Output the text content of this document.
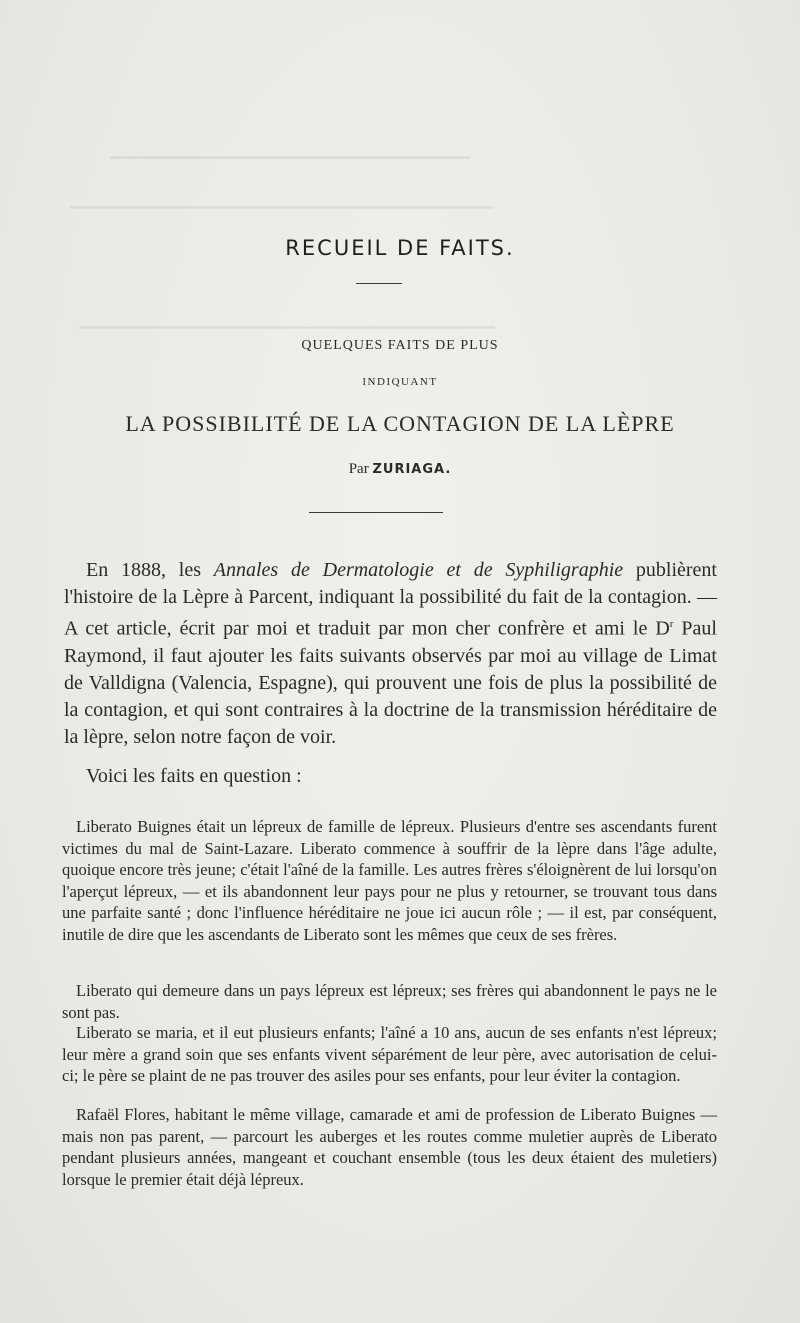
━━━━━━━━━━━━━━━━━━━━━━━━━━━━━━━━━━━━━━━━━━━━━━
━━━━━━━━━━━━━━━━━━━━━━━━━━━━━━━━━━━━━━━━━━━━━━━━━━━━━━
━━━━━━━━━━━━━━━━━━━━━━━━━━━━━━━━━━━━━━━━━━━━━━━━━━━━━
RECUEIL DE FAITS.
QUELQUES FAITS DE PLUS
INDIQUANT
LA POSSIBILITÉ DE LA CONTAGION DE LA LÈPRE
Par ZURIAGA.

En 1888, les Annales de Dermatologie et de Syphiligraphie publièrent l'histoire de la Lèpre à Parcent, indiquant la possibilité du fait de la contagion. — A cet article, écrit par moi et traduit par mon cher confrère et ami le $D^r$ Paul Raymond, il faut ajouter les faits suivants observés par moi au village de Limat de Valldigna (Valencia, Espagne), qui prouvent une fois de plus la possibilité de la contagion, et qui sont contraires à la doctrine de la transmission héréditaire de la lèpre, selon notre façon de voir.

Voici les faits en question :

Liberato Buignes était un lépreux de famille de lépreux. Plusieurs d'entre ses ascendants furent victimes du mal de Saint-Lazare. Liberato commence à souffrir de la lèpre dans l'âge adulte, quoique encore très jeune; c'était l'aîné de la famille. Les autres frères s'éloignèrent de lui lorsqu'on l'aperçut lépreux, — et ils abandonnent leur pays pour ne plus y retourner, se trouvant tous dans une parfaite santé ; donc l'influence héréditaire ne joue ici aucun rôle ; — il est, par conséquent, inutile de dire que les ascendants de Liberato sont les mêmes que ceux de ses frères.

Liberato qui demeure dans un pays lépreux est lépreux; ses frères qui abandonnent le pays ne le sont pas.

Liberato se maria, et il eut plusieurs enfants; l'aîné a 10 ans, aucun de ses enfants n'est lépreux; leur mère a grand soin que ses enfants vivent séparément de leur père, avec autorisation de celui-ci; le père se plaint de ne pas trouver des asiles pour ses enfants, pour leur éviter la contagion.

Rafaël Flores, habitant le même village, camarade et ami de profession de Liberato Buignes — mais non pas parent, — parcourt les auberges et les routes comme muletier auprès de Liberato pendant plusieurs années, mangeant et couchant ensemble (tous les deux étaient des muletiers) lorsque le premier était déjà lépreux.
